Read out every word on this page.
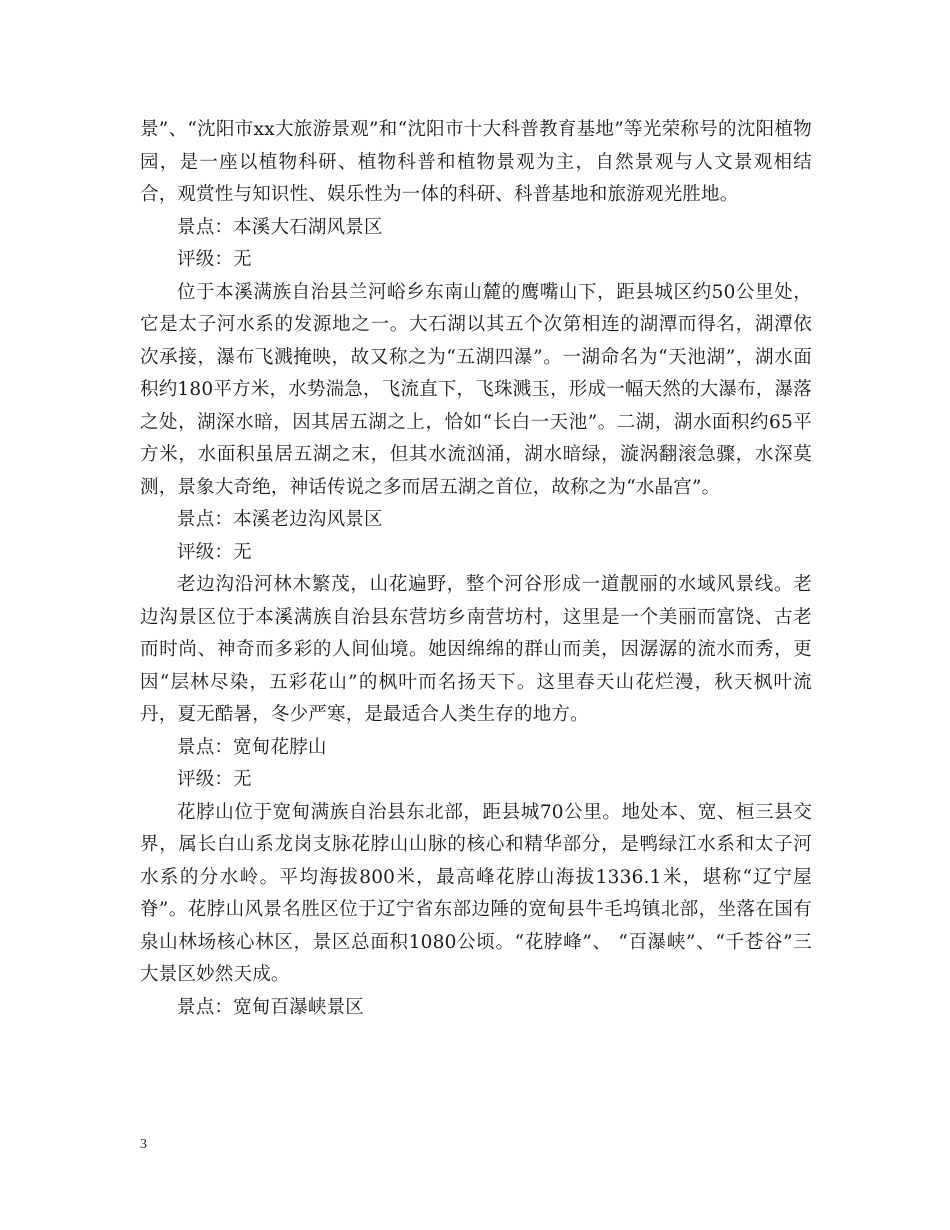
景”、“沈阳市xx大旅游景观”和“沈阳市十大科普教育基地”等光荣称号的沈阳植物园，是一座以植物科研、植物科普和植物景观为主，自然景观与人文景观相结合，观赏性与知识性、娱乐性为一体的科研、科普基地和旅游观光胜地。

景点：本溪大石湖风景区

评级：无

位于本溪满族自治县兰河峪乡东南山麓的鹰嘴山下，距县城区约50公里处，它是太子河水系的发源地之一。大石湖以其五个次第相连的湖潭而得名，湖潭依次承接，瀑布飞溅掩映，故又称之为“五湖四瀑”。一湖命名为“天池湖”，湖水面积约180平方米，水势湍急，飞流直下，飞珠溅玉，形成一幅天然的大瀑布，瀑落之处，湖深水暗，因其居五湖之上，恰如“长白一天池”。二湖，湖水面积约65平方米，水面积虽居五湖之末，但其水流汹涌，湖水暗绿，漩涡翻滚急骤，水深莫测，景象大奇绝，神话传说之多而居五湖之首位，故称之为“水晶宫”。

景点：本溪老边沟风景区

评级：无

老边沟沿河林木繁茂，山花遍野，整个河谷形成一道靓丽的水域风景线。老边沟景区位于本溪满族自治县东营坊乡南营坊村，这里是一个美丽而富饶、古老而时尚、神奇而多彩的人间仙境。她因绵绵的群山而美，因潺潺的流水而秀，更因“层林尽染，五彩花山”的枫叶而名扬天下。这里春天山花烂漫，秋天枫叶流丹，夏无酷暑，冬少严寒，是最适合人类生存的地方。

景点：宽甸花脖山

评级：无

花脖山位于宽甸满族自治县东北部，距县城70公里。地处本、宽、桓三县交界，属长白山系龙岗支脉花脖山山脉的核心和精华部分，是鸭绿江水系和太子河水系的分水岭。平均海拔800米，最高峰花脖山海拔1336.1米，堪称“辽宁屋脊”。花脖山风景名胜区位于辽宁省东部边陲的宽甸县牛毛坞镇北部，坐落在国有泉山林场核心林区，景区总面积1080公顷。“花脖峰”、 “百瀑峡”、“千苍谷”三大景区妙然天成。

景点：宽甸百瀑峡景区

3
